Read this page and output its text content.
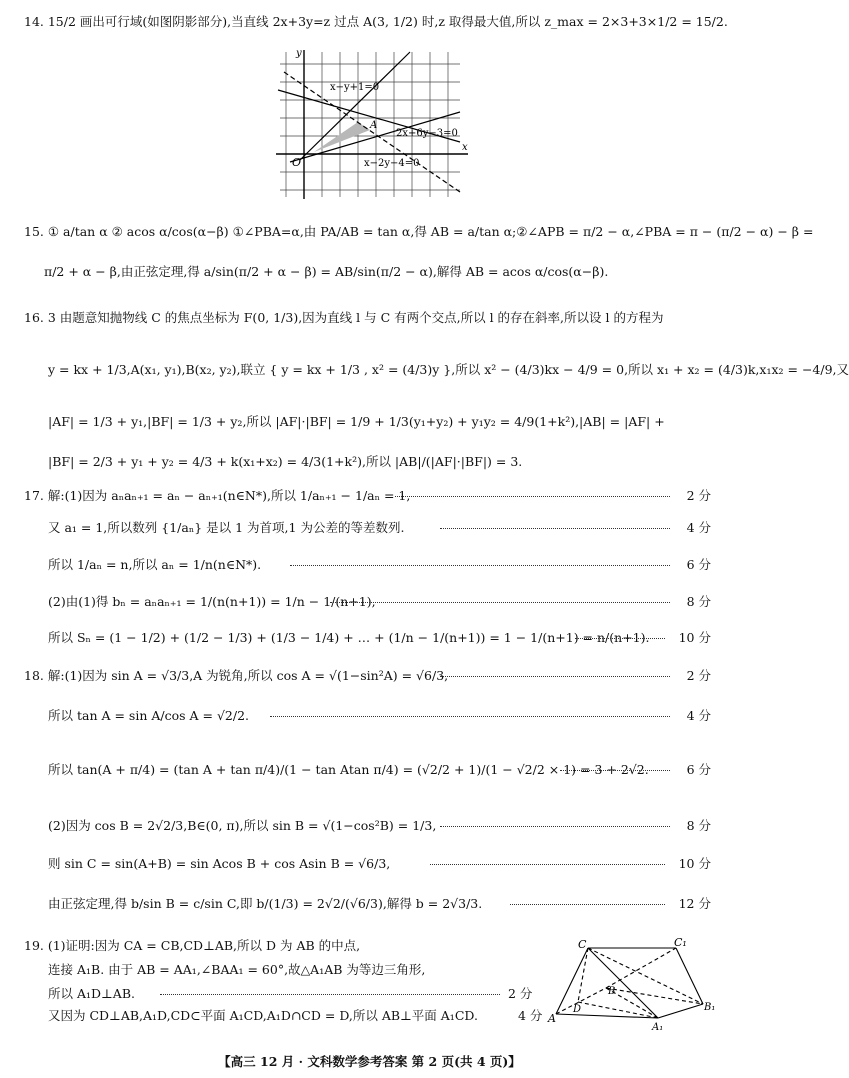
14. 15/2 画出可行域(如图阴影部分),当直线 2x+3y=z 过点 A(3, 1/2) 时,z 取得最大值,所以 z_max = 2×3+3×1/2 = 15/2.
y
x
O
A
x−y+1=0
2x+6y−3=0
x−2y−4=0
15. ① a/tan α ② acos α/cos(α−β) ①∠PBA=α,由 PA/AB = tan α,得 AB = a/tan α;②∠APB = π/2 − α,∠PBA = π − (π/2 − α) − β =
π/2 + α − β,由正弦定理,得 a/sin(π/2 + α − β) = AB/sin(π/2 − α),解得 AB = acos α/cos(α−β).
16. 3 由题意知抛物线 C 的焦点坐标为 F(0, 1/3),因为直线 l 与 C 有两个交点,所以 l 的存在斜率,所以设 l 的方程为
y = kx + 1/3,A(x₁, y₁),B(x₂, y₂),联立 { y = kx + 1/3 , x² = (4/3)y },所以 x² − (4/3)kx − 4/9 = 0,所以 x₁ + x₂ = (4/3)k,x₁x₂ = −4/9,又
|AF| = 1/3 + y₁,|BF| = 1/3 + y₂,所以 |AF|·|BF| = 1/9 + 1/3(y₁+y₂) + y₁y₂ = 4/9(1+k²),|AB| = |AF| +
|BF| = 2/3 + y₁ + y₂ = 4/3 + k(x₁+x₂) = 4/3(1+k²),所以 |AB|/(|AF|·|BF|) = 3.
17. 解:(1)因为 aₙaₙ₊₁ = aₙ − aₙ₊₁(n∈N*),所以 1/aₙ₊₁ − 1/aₙ = 1,	2 分
又 a₁ = 1,所以数列 {1/aₙ} 是以 1 为首项,1 为公差的等差数列.	4 分
所以 1/aₙ = n,所以 aₙ = 1/n(n∈N*).	6 分
(2)由(1)得 bₙ = aₙaₙ₊₁ = 1/(n(n+1)) = 1/n − 1/(n+1),	8 分
所以 Sₙ = (1 − 1/2) + (1/2 − 1/3) + (1/3 − 1/4) + … + (1/n − 1/(n+1)) = 1 − 1/(n+1) = n/(n+1). 10 分
18. 解:(1)因为 sin A = √3/3,A 为锐角,所以 cos A = √(1−sin²A) = √6/3,	2 分
所以 tan A = sin A/cos A = √2/2.	4 分
所以 tan(A + π/4) = (tan A + tan π/4)/(1 − tan Atan π/4) = (√2/2 + 1)/(1 − √2/2 × 1) = 3 + 2√2.	6 分
(2)因为 cos B = 2√2/3,B∈(0, π),所以 sin B = √(1−cos²B) = 1/3,	8 分
则 sin C = sin(A+B) = sin Acos B + cos Asin B = √6/3,	10 分
由正弦定理,得 b/sin B = c/sin C,即 b/(1/3) = 2√2/(√6/3),解得 b = 2√3/3.	12 分
19. (1)证明:因为 CA = CB,CD⊥AB,所以 D 为 AB 的中点,
连接 A₁B. 由于 AB = AA₁,∠BAA₁ = 60°,故△A₁AB 为等边三角形,
所以 A₁D⊥AB.	2 分
又因为 CD⊥AB,A₁D,CD⊂平面 A₁CD,A₁D∩CD = D,所以 AB⊥平面 A₁CD.	4 分
C	C₁
B
D
A
B₁
A₁
【高三 12 月 · 文科数学参考答案 第 2 页(共 4 页)】
